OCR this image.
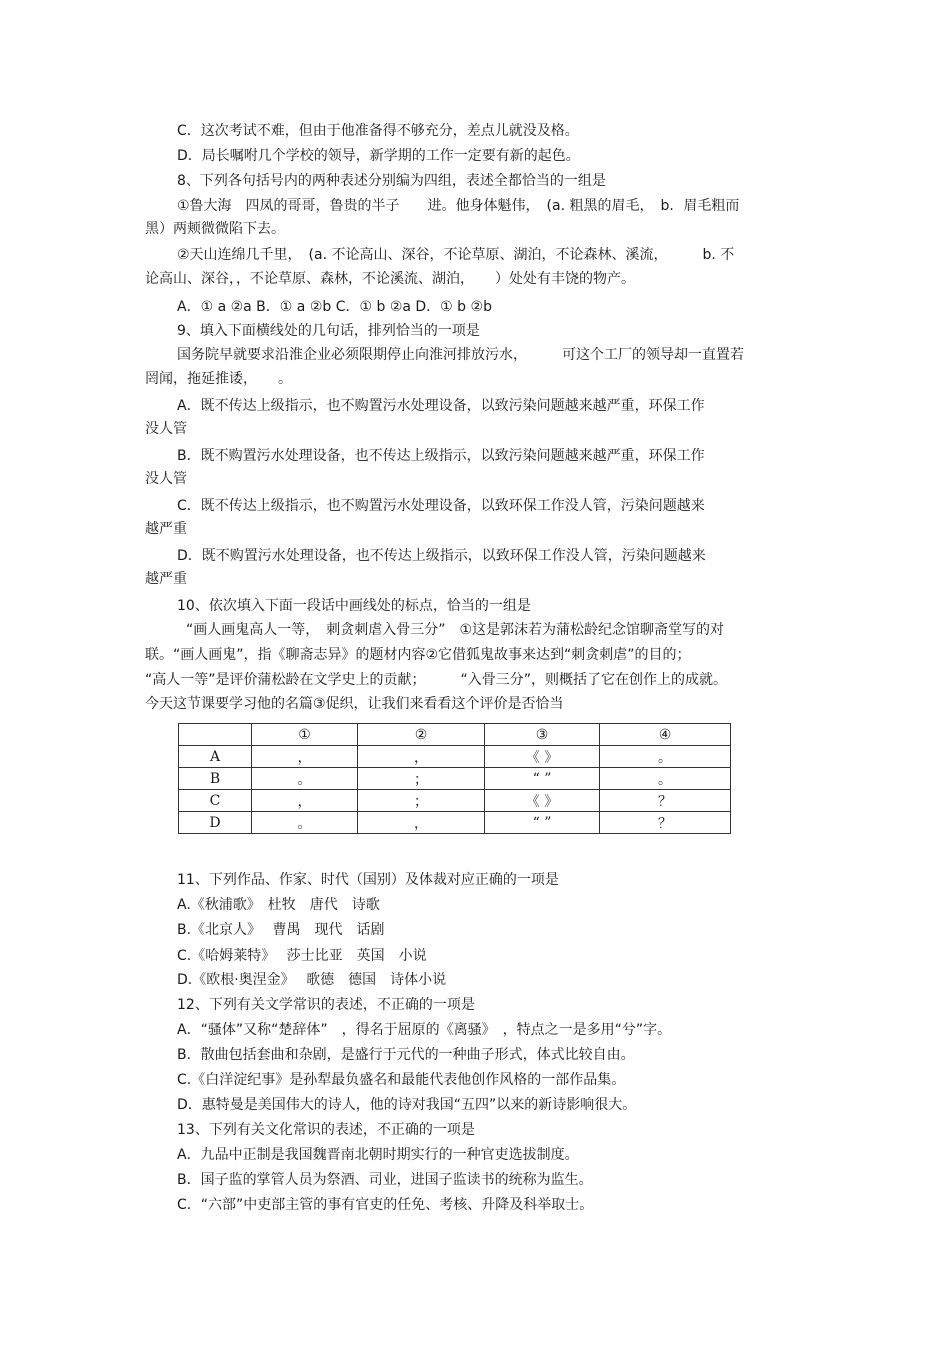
C．这次考试不难，但由于他准备得不够充分，差点儿就没及格。
D．局长嘱咐几个学校的领导，新学期的工作一定要有新的起色。
8、下列各句括号内的两种表述分别编为四组，表述全都恰当的一组是
①鲁大海　四凤的哥哥，鲁贵的半子　　进。他身体魁伟，　(a. 粗黑的眉毛，　b．眉毛粗而
黑）两颊微微陷下去。
②天山连绵几千里，　(a. 不论高山、深谷，不论草原、湖泊，不论森林、溪流，　　　b. 不
论高山、深谷，，不论草原、森林，不论溪流、湖泊，　　）处处有丰饶的物产。
A．① a ②a B．① a ②b C．① b ②a D．① b ②b
9、填入下面横线处的几句话，排列恰当的一项是
国务院早就要求沿淮企业必须限期停止向淮河排放污水，　　　可这个工厂的领导却一直置若
罔闻，拖延推诿，　　。
A．既不传达上级指示，也不购置污水处理设备，以致污染问题越来越严重，环保工作
没人管
B．既不购置污水处理设备，也不传达上级指示，以致污染问题越来越严重，环保工作
没人管
C．既不传达上级指示，也不购置污水处理设备，以致环保工作没人管，污染问题越来
越严重
D．既不购置污水处理设备，也不传达上级指示，以致环保工作没人管，污染问题越来
越严重
10、依次填入下面一段话中画线处的标点，恰当的一组是
“画人画鬼高人一等，　刺贪刺虐入骨三分”　①这是郭沫若为蒲松龄纪念馆聊斋堂写的对
联。“画人画鬼”，指《聊斋志异》的题材内容②它借狐鬼故事来达到“刺贪刺虐”的目的；
“高人一等”是评价蒲松龄在文学史上的贡献；　　　“入骨三分”，则概括了它在创作上的成就。
今天这节课要学习他的名篇③促织，让我们来看看这个评价是否恰当
	①	②	③	④
A	，	，	《 》	。
B	。	；	“ ”	。
C	，	；	《 》	？
D	。	，	“ ”	？
11、下列作品、作家、时代（国别）及体裁对应正确的一项是
A.《秋浦歌》　杜牧　唐代　诗歌
B.《北京人》　 曹禺　现代　话剧
C.《哈姆莱特》　 莎士比亚　英国　小说
D.《欧根·奥涅金》　 歌德　德国　诗体小说
12、下列有关文学常识的表述，不正确的一项是
A．“骚体”又称“楚辞体”　，得名于屈原的《离骚》　，特点之一是多用“兮”字。
B．散曲包括套曲和杂剧，是盛行于元代的一种曲子形式，体式比较自由。
C.《白洋淀纪事》是孙犁最负盛名和最能代表他创作风格的一部作品集。
D．惠特曼是美国伟大的诗人，他的诗对我国“五四”以来的新诗影响很大。
13、下列有关文化常识的表述，不正确的一项是
A．九品中正制是我国魏晋南北朝时期实行的一种官吏选拔制度。
B．国子监的掌管人员为祭酒、司业，进国子监读书的统称为监生。
C．“六部”中吏部主管的事有官吏的任免、考核、升降及科举取士。
